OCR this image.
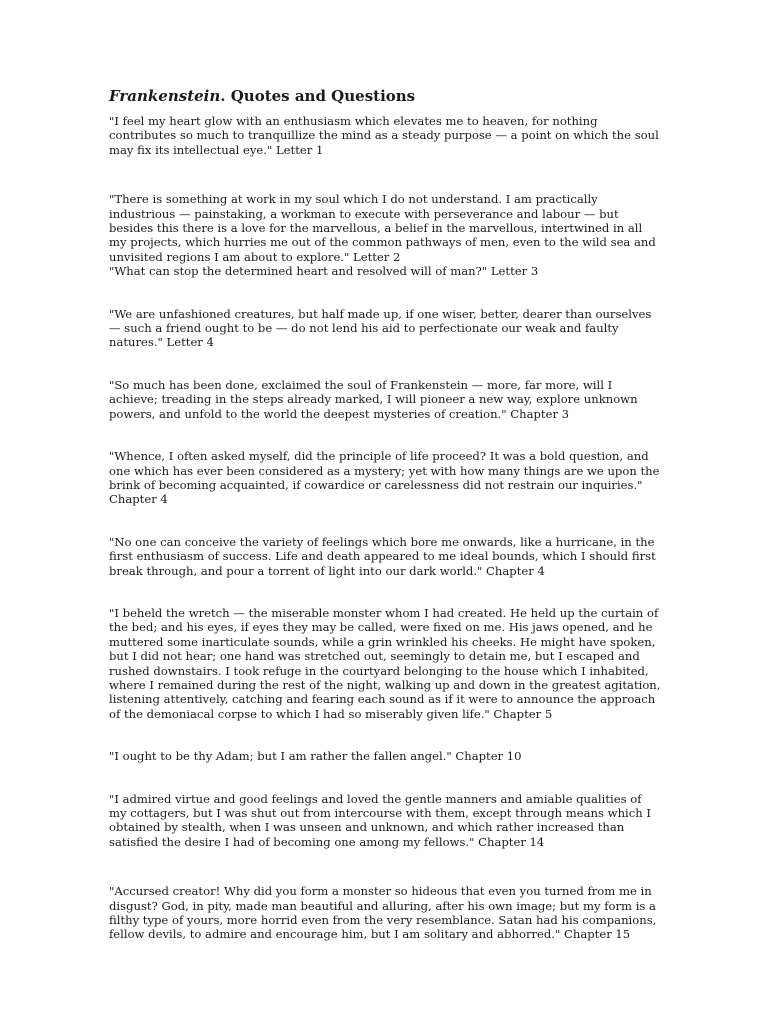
Frankenstein. Quotes and Questions

"I feel my heart glow with an enthusiasm which elevates me to heaven, for nothing contributes so much to tranquillize the mind as a steady purpose — a point on which the soul may fix its intellectual eye." Letter 1

"There is something at work in my soul which I do not understand. I am practically industrious — painstaking, a workman to execute with perseverance and labour — but besides this there is a love for the marvellous, a belief in the marvellous, intertwined in all my projects, which hurries me out of the common pathways of men, even to the wild sea and unvisited regions I am about to explore." Letter 2

"What can stop the determined heart and resolved will of man?" Letter 3

"We are unfashioned creatures, but half made up, if one wiser, better, dearer than ourselves — such a friend ought to be — do not lend his aid to perfectionate our weak and faulty natures." Letter 4

"So much has been done, exclaimed the soul of Frankenstein — more, far more, will I achieve; treading in the steps already marked, I will pioneer a new way, explore unknown powers, and unfold to the world the deepest mysteries of creation." Chapter 3

"Whence, I often asked myself, did the principle of life proceed? It was a bold question, and one which has ever been considered as a mystery; yet with how many things are we upon the brink of becoming acquainted, if cowardice or carelessness did not restrain our inquiries." Chapter 4

"No one can conceive the variety of feelings which bore me onwards, like a hurricane, in the first enthusiasm of success. Life and death appeared to me ideal bounds, which I should first break through, and pour a torrent of light into our dark world." Chapter 4

"I beheld the wretch — the miserable monster whom I had created. He held up the curtain of the bed; and his eyes, if eyes they may be called, were fixed on me. His jaws opened, and he muttered some inarticulate sounds, while a grin wrinkled his cheeks. He might have spoken, but I did not hear; one hand was stretched out, seemingly to detain me, but I escaped and rushed downstairs. I took refuge in the courtyard belonging to the house which I inhabited, where I remained during the rest of the night, walking up and down in the greatest agitation, listening attentively, catching and fearing each sound as if it were to announce the approach of the demoniacal corpse to which I had so miserably given life." Chapter 5

"I ought to be thy Adam; but I am rather the fallen angel." Chapter 10

"I admired virtue and good feelings and loved the gentle manners and amiable qualities of my cottagers, but I was shut out from intercourse with them, except through means which I obtained by stealth, when I was unseen and unknown, and which rather increased than satisfied the desire I had of becoming one among my fellows." Chapter 14

"Accursed creator! Why did you form a monster so hideous that even you turned from me in disgust? God, in pity, made man beautiful and alluring, after his own image; but my form is a filthy type of yours, more horrid even from the very resemblance. Satan had his companions, fellow devils, to admire and encourage him, but I am solitary and abhorred." Chapter 15
